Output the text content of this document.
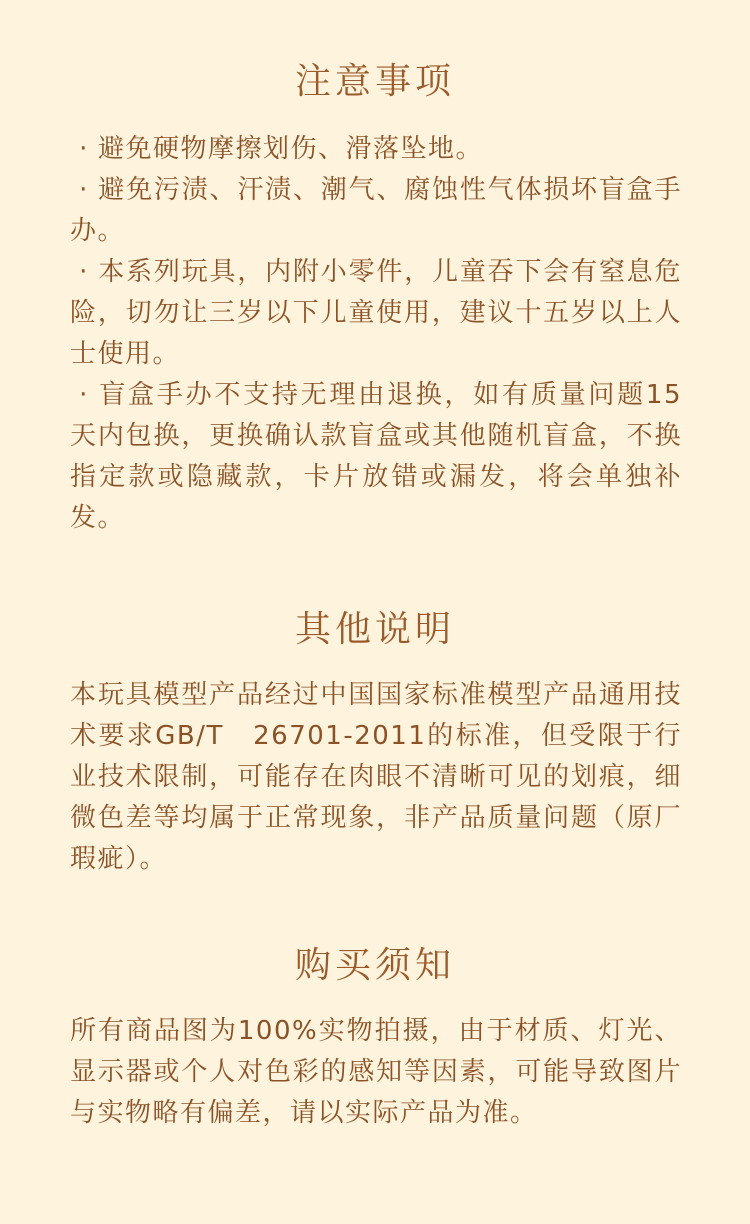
注意事项

· 避免硬物摩擦划伤、滑落坠地。

· 避免污渍、汗渍、潮气、腐蚀性气体损坏盲盒手办。

· 本系列玩具，内附小零件，儿童吞下会有窒息危险，切勿让三岁以下儿童使用，建议十五岁以上人士使用。

· 盲盒手办不支持无理由退换，如有质量问题15天内包换，更换确认款盲盒或其他随机盲盒，不换指定款或隐藏款，卡片放错或漏发，将会单独补发。

其他说明

本玩具模型产品经过中国国家标准模型产品通用技术要求GB/T　26701-2011的标准，但受限于行业技术限制，可能存在肉眼不清晰可见的划痕，细微色差等均属于正常现象，非产品质量问题（原厂瑕疵）。

购买须知

所有商品图为100%实物拍摄，由于材质、灯光、显示器或个人对色彩的感知等因素，可能导致图片与实物略有偏差，请以实际产品为准。
